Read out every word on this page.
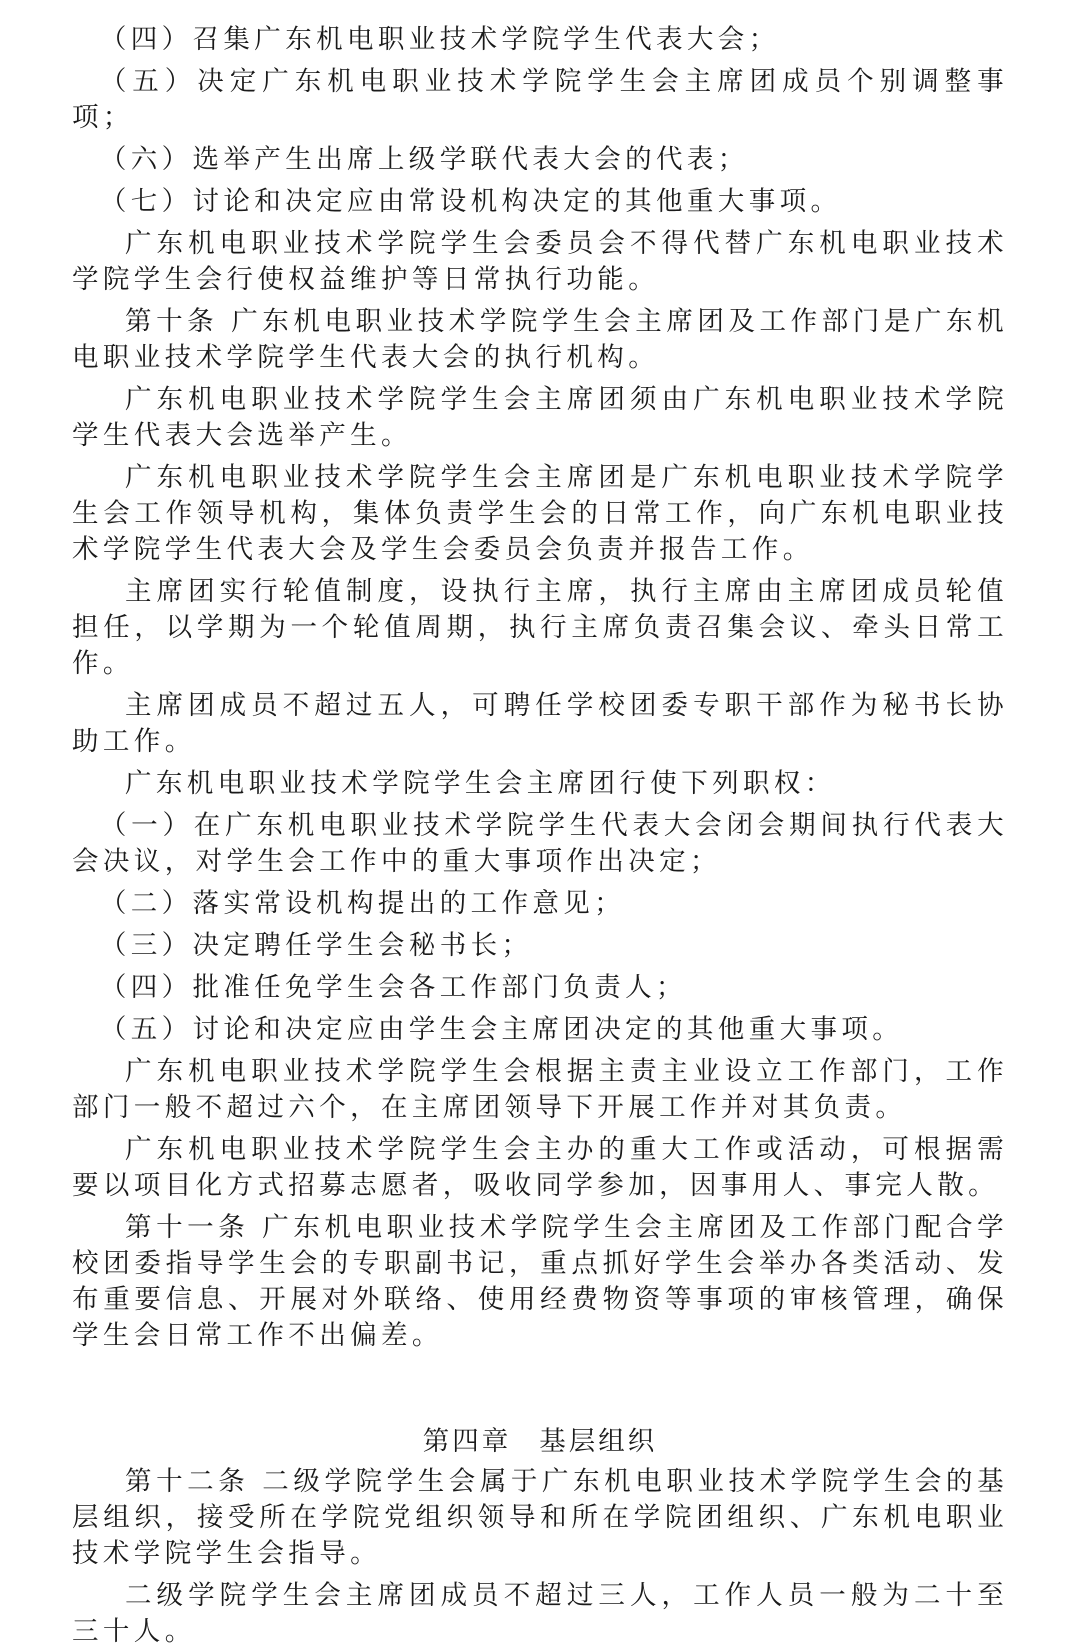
（四）召集广东机电职业技术学院学生代表大会；

（五）决定广东机电职业技术学院学生会主席团成员个别调整事项；

（六）选举产生出席上级学联代表大会的代表；

（七）讨论和决定应由常设机构决定的其他重大事项。

广东机电职业技术学院学生会委员会不得代替广东机电职业技术学院学生会行使权益维护等日常执行功能。

第十条 广东机电职业技术学院学生会主席团及工作部门是广东机电职业技术学院学生代表大会的执行机构。

广东机电职业技术学院学生会主席团须由广东机电职业技术学院学生代表大会选举产生。

广东机电职业技术学院学生会主席团是广东机电职业技术学院学生会工作领导机构，集体负责学生会的日常工作，向广东机电职业技术学院学生代表大会及学生会委员会负责并报告工作。

主席团实行轮值制度，设执行主席，执行主席由主席团成员轮值担任，以学期为一个轮值周期，执行主席负责召集会议、牵头日常工作。

主席团成员不超过五人，可聘任学校团委专职干部作为秘书长协助工作。

广东机电职业技术学院学生会主席团行使下列职权：

（一）在广东机电职业技术学院学生代表大会闭会期间执行代表大会决议，对学生会工作中的重大事项作出决定；

（二）落实常设机构提出的工作意见；

（三）决定聘任学生会秘书长；

（四）批准任免学生会各工作部门负责人；

（五）讨论和决定应由学生会主席团决定的其他重大事项。

广东机电职业技术学院学生会根据主责主业设立工作部门，工作部门一般不超过六个，在主席团领导下开展工作并对其负责。

广东机电职业技术学院学生会主办的重大工作或活动，可根据需要以项目化方式招募志愿者，吸收同学参加，因事用人、事完人散。

第十一条 广东机电职业技术学院学生会主席团及工作部门配合学校团委指导学生会的专职副书记，重点抓好学生会举办各类活动、发布重要信息、开展对外联络、使用经费物资等事项的审核管理，确保学生会日常工作不出偏差。

第四章 基层组织

第十二条 二级学院学生会属于广东机电职业技术学院学生会的基层组织，接受所在学院党组织领导和所在学院团组织、广东机电职业技术学院学生会指导。

二级学院学生会主席团成员不超过三人，工作人员一般为二十至三十人。
